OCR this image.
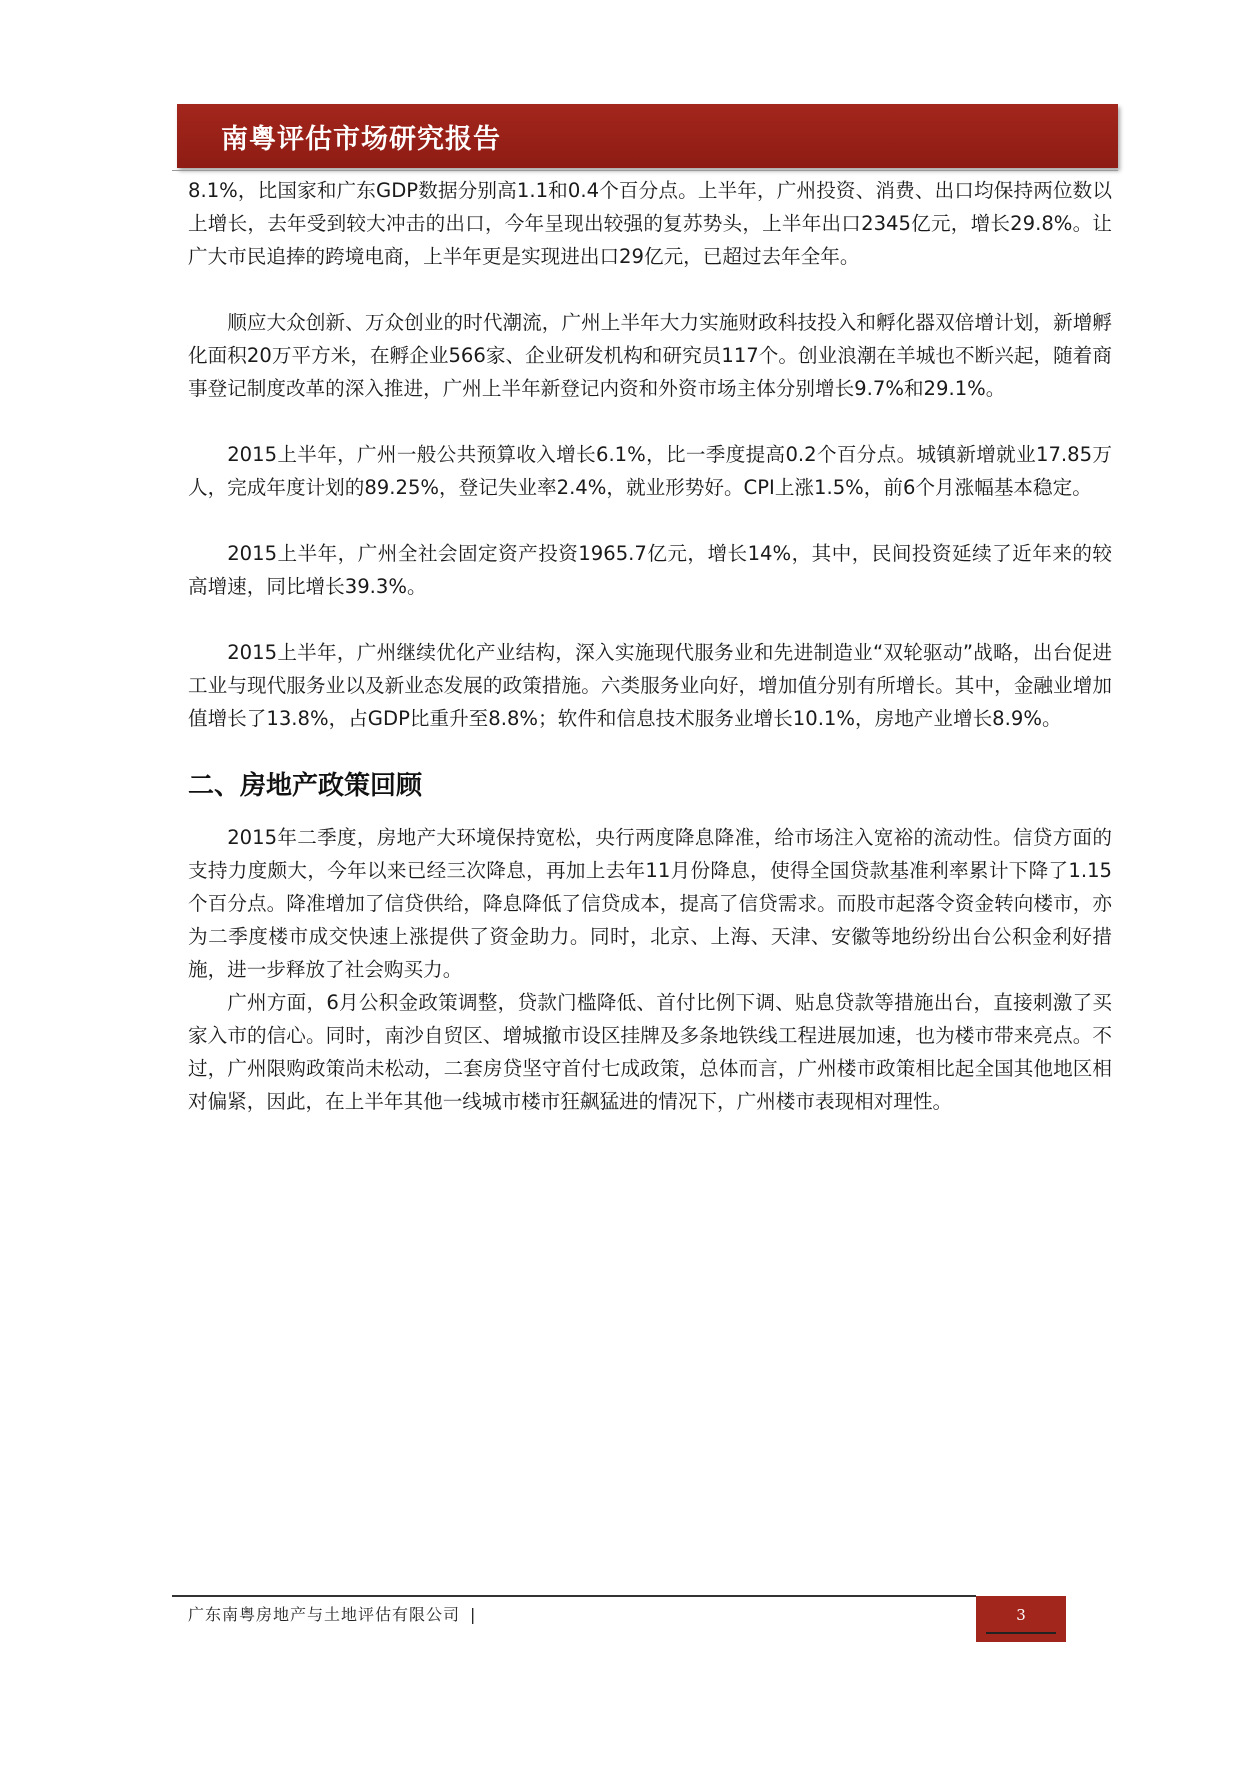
南粤评估市场研究报告

8.1%，比国家和广东GDP数据分别高1.1和0.4个百分点。上半年，广州投资、消费、出口均保持两位数以上增长，去年受到较大冲击的出口，今年呈现出较强的复苏势头，上半年出口2345亿元，增长29.8%。让广大市民追捧的跨境电商，上半年更是实现进出口29亿元，已超过去年全年。

顺应大众创新、万众创业的时代潮流，广州上半年大力实施财政科技投入和孵化器双倍增计划，新增孵化面积20万平方米，在孵企业566家、企业研发机构和研究员117个。创业浪潮在羊城也不断兴起，随着商事登记制度改革的深入推进，广州上半年新登记内资和外资市场主体分别增长9.7%和29.1%。

2015上半年，广州一般公共预算收入增长6.1%，比一季度提高0.2个百分点。城镇新增就业17.85万人，完成年度计划的89.25%，登记失业率2.4%，就业形势好。CPI上涨1.5%，前6个月涨幅基本稳定。

2015上半年，广州全社会固定资产投资1965.7亿元，增长14%，其中，民间投资延续了近年来的较高增速，同比增长39.3%。

2015上半年，广州继续优化产业结构，深入实施现代服务业和先进制造业“双轮驱动”战略，出台促进工业与现代服务业以及新业态发展的政策措施。六类服务业向好，增加值分别有所增长。其中，金融业增加值增长了13.8%，占GDP比重升至8.8%；软件和信息技术服务业增长10.1%，房地产业增长8.9%。

二、房地产政策回顾

2015年二季度，房地产大环境保持宽松，央行两度降息降准，给市场注入宽裕的流动性。信贷方面的支持力度颇大，今年以来已经三次降息，再加上去年11月份降息，使得全国贷款基准利率累计下降了1.15个百分点。降准增加了信贷供给，降息降低了信贷成本，提高了信贷需求。而股市起落令资金转向楼市，亦为二季度楼市成交快速上涨提供了资金助力。同时，北京、上海、天津、安徽等地纷纷出台公积金利好措施，进一步释放了社会购买力。

广州方面，6月公积金政策调整，贷款门槛降低、首付比例下调、贴息贷款等措施出台，直接刺激了买家入市的信心。同时，南沙自贸区、增城撤市设区挂牌及多条地铁线工程进展加速，也为楼市带来亮点。不过，广州限购政策尚未松动，二套房贷坚守首付七成政策，总体而言，广州楼市政策相比起全国其他地区相对偏紧，因此，在上半年其他一线城市楼市狂飙猛进的情况下，广州楼市表现相对理性。

广东南粤房地产与土地评估有限公司 |	3
